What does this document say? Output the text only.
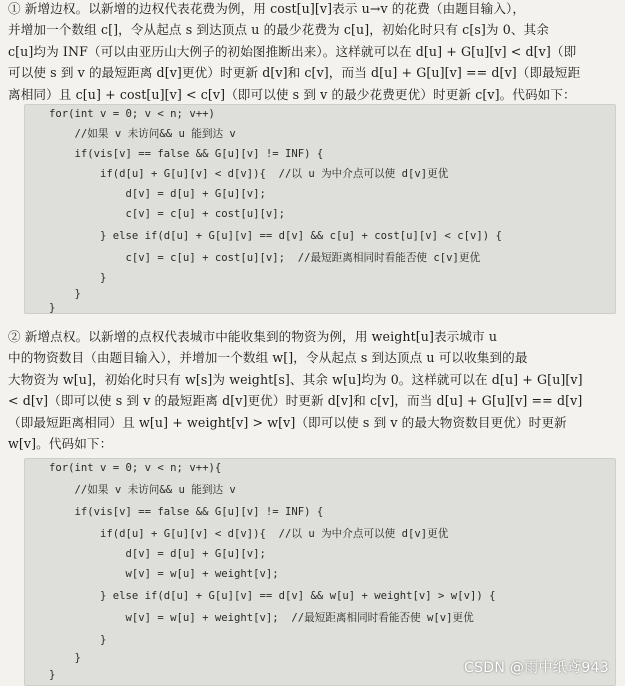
① 新增边权。以新增的边权代表花费为例，用 cost[u][v]表示 u→v 的花费（由题目输入），
并增加一个数组 c[]，令从起点 s 到达顶点 u 的最少花费为 c[u]，初始化时只有 c[s]为 0、其余
c[u]均为 INF（可以由亚历山大例子的初始图推断出来）。这样就可以在 d[u] + G[u][v] < d[v]（即
可以使 s 到 v 的最短距离 d[v]更优）时更新 d[v]和 c[v]，而当 d[u] + G[u][v] == d[v]（即最短距
离相同）且 c[u] + cost[u][v] < c[v]（即可以使 s 到 v 的最少花费更优）时更新 c[v]。代码如下：
for(int v = 0; v < n; v++)
//如果 v 未访问&& u 能到达 v
if(vis[v] == false && G[u][v] != INF) {
if(d[u] + G[u][v] < d[v]){  //以 u 为中介点可以使 d[v]更优
d[v] = d[u] + G[u][v];
c[v] = c[u] + cost[u][v];
} else if(d[u] + G[u][v] == d[v] && c[u] + cost[u][v] < c[v]) {
c[v] = c[u] + cost[u][v];  //最短距离相同时看能否使 c[v]更优
}
}
}
② 新增点权。以新增的点权代表城市中能收集到的物资为例，用 weight[u]表示城市 u
中的物资数目（由题目输入），并增加一个数组 w[]，令从起点 s 到达顶点 u 可以收集到的最
大物资为 w[u]，初始化时只有 w[s]为 weight[s]、其余 w[u]均为 0。这样就可以在 d[u] + G[u][v]
< d[v]（即可以使 s 到 v 的最短距离 d[v]更优）时更新 d[v]和 c[v]，而当 d[u] + G[u][v] == d[v]
（即最短距离相同）且 w[u] + weight[v] > w[v]（即可以使 s 到 v 的最大物资数目更优）时更新
w[v]。代码如下：
for(int v = 0; v < n; v++){
//如果 v 未访问&& u 能到达 v
if(vis[v] == false && G[u][v] != INF) {
if(d[u] + G[u][v] < d[v]){  //以 u 为中介点可以使 d[v]更优
d[v] = d[u] + G[u][v];
w[v] = w[u] + weight[v];
} else if(d[u] + G[u][v] == d[v] && w[u] + weight[v] > w[v]) {
w[v] = w[u] + weight[v];  //最短距离相同时看能否使 w[v]更优
}
}
}	CSDN @雨中纸鸢943
